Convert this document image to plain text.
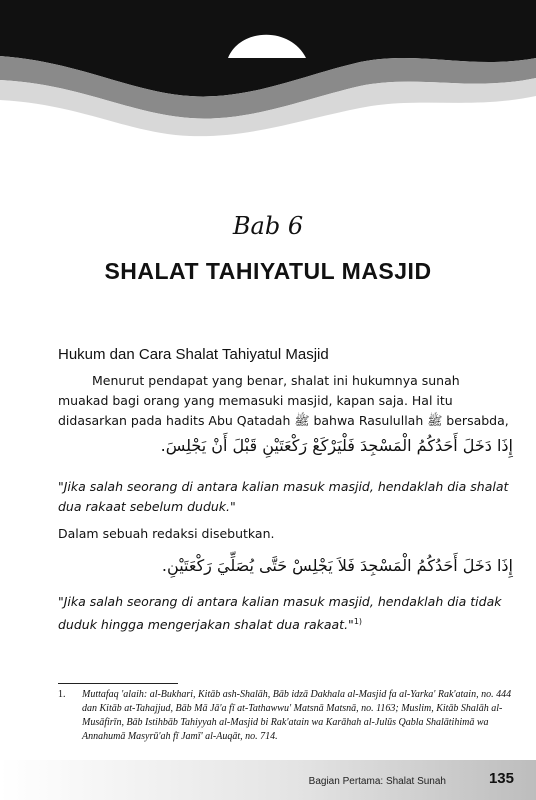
Bab 6
SHALAT TAHIYATUL MASJID
Hukum dan Cara Shalat Tahiyatul Masjid
Menurut pendapat yang benar, shalat ini hukumnya sunah muakad bagi orang yang memasuki masjid, kapan saja. Hal itu didasarkan pada hadits Abu Qatadah ﷺ bahwa Rasulullah ﷺ bersabda,
إِذَا دَخَلَ أَحَدُكُمُ الْمَسْجِدَ فَلْيَرْكَعْ رَكْعَتَيْنِ قَبْلَ أَنْ يَجْلِسَ.
"Jika salah seorang di antara kalian masuk masjid, hendaklah dia shalat dua rakaat sebelum duduk."
Dalam sebuah redaksi disebutkan.
إِذَا دَخَلَ أَحَدُكُمُ الْمَسْجِدَ فَلاَ يَجْلِسْ حَتَّى يُصَلِّيَ رَكْعَتَيْنِ.
"Jika salah seorang di antara kalian masuk masjid, hendaklah dia tidak duduk hingga mengerjakan shalat dua rakaat."$^{1)}$
1.	Muttafaq 'alaih: al-Bukhari, Kitāb ash-Shalāh, Bāb idzā Dakhala al-Masjid fa al-Yarka' Rak'atain, no. 444 dan Kitāb at-Tahajjud, Bāb Mā Jā'a fī at-Tathawwu' Matsnā Matsnā, no. 1163; Muslim, Kitāb Shalāh al-Musāfirīn, Bāb Istihbāb Tahiyyah al-Masjid bi Rak'atain wa Karāhah al-Julūs Qabla Shalātihimā wa Annahumā Masyrū'ah fī Jamī' al-Auqāt, no. 714.
Bagian Pertama: Shalat Sunah	135
